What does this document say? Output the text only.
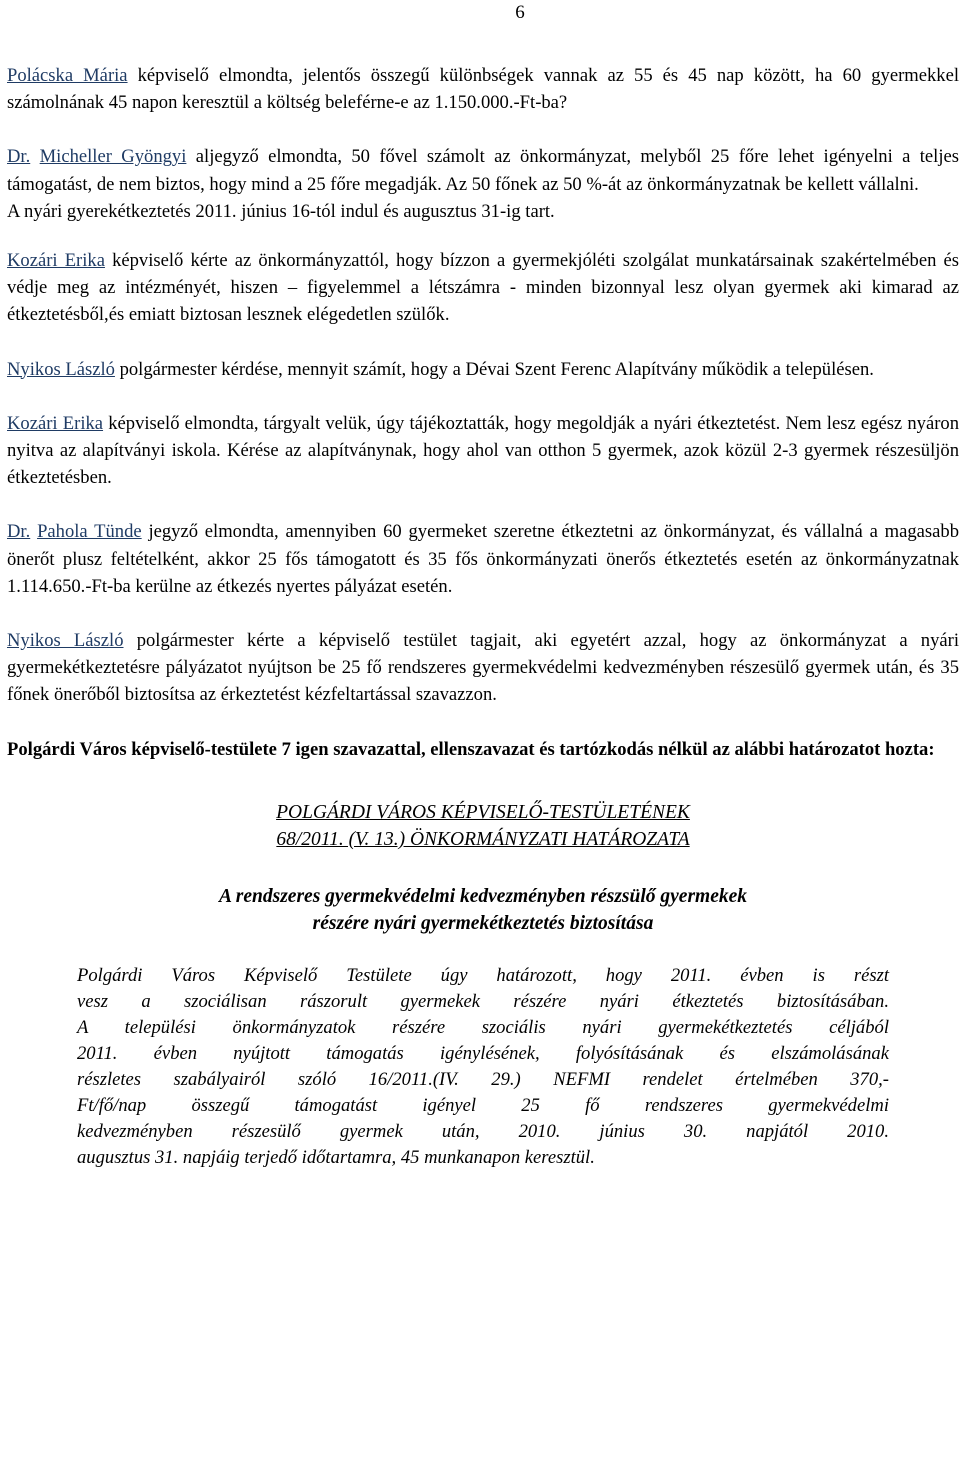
6

Polácska Mária képviselő elmondta, jelentős összegű különbségek vannak az 55 és 45 nap között, ha 60 gyermekkel számolnának 45 napon keresztül a költség beleférne-e az 1.150.000.-Ft-ba?

Dr. Micheller Gyöngyi aljegyző elmondta, 50 fővel számolt az önkormányzat, melyből 25 főre lehet igényelni a teljes támogatást, de nem biztos, hogy mind a 25 főre megadják. Az 50 főnek az 50 %-át az önkormányzatnak be kellett vállalni.

A nyári gyerekétkeztetés 2011. június 16-tól indul és augusztus 31-ig tart.

Kozári Erika képviselő kérte az önkormányzattól, hogy bízzon a gyermekjóléti szolgálat munkatársainak szakértelmében és védje meg az intézményét, hiszen – figyelemmel a létszámra - minden bizonnyal lesz olyan gyermek aki kimarad az étkeztetésből,és emiatt biztosan lesznek elégedetlen szülők.

Nyikos László polgármester kérdése, mennyit számít, hogy a Dévai Szent Ferenc Alapítvány működik a településen.

Kozári Erika képviselő elmondta, tárgyalt velük, úgy tájékoztatták, hogy megoldják a nyári étkeztetést. Nem lesz egész nyáron nyitva az alapítványi iskola. Kérése az alapítványnak, hogy ahol van otthon 5 gyermek, azok közül 2-3 gyermek részesüljön étkeztetésben.

Dr. Pahola Tünde jegyző elmondta, amennyiben 60 gyermeket szeretne étkeztetni az önkormányzat, és vállalná a magasabb önerőt plusz feltételként, akkor 25 fős támogatott és 35 fős önkormányzati önerős étkeztetés esetén az önkormányzatnak 1.114.650.-Ft-ba kerülne az étkezés nyertes pályázat esetén.

Nyikos László polgármester kérte a képviselő testület tagjait, aki egyetért azzal, hogy az önkormányzat a nyári gyermekétkeztetésre pályázatot nyújtson be 25 fő rendszeres gyermekvédelmi kedvezményben részesülő gyermek után, és 35 főnek önerőből biztosítsa az érkeztetést kézfeltartással szavazzon.

Polgárdi Város képviselő-testülete 7 igen szavazattal, ellenszavazat és tartózkodás nélkül az alábbi határozatot hozta:

POLGÁRDI VÁROS KÉPVISELŐ-TESTÜLETÉNEK
68/2011. (V. 13.) ÖNKORMÁNYZATI HATÁROZATA
A rendszeres gyermekvédelmi kedvezményben részsülő gyermekek
részére nyári gyermekétkeztetés biztosítása
Polgárdi Város Képviselő Testülete úgy határozott, hogy 2011. évben is részt
vesz a szociálisan rászorult gyermekek részére nyári étkeztetés biztosításában.
A települési önkormányzatok részére szociális nyári gyermekétkeztetés céljából
2011. évben nyújtott támogatás igénylésének, folyósításának és elszámolásának
részletes szabályairól szóló 16/2011.(IV. 29.) NEFMI rendelet értelmében 370,-
Ft/fő/nap összegű támogatást igényel 25 fő rendszeres gyermekvédelmi
kedvezményben részesülő gyermek után, 2010. június 30. napjától 2010.
augusztus 31. napjáig terjedő időtartamra, 45 munkanapon keresztül.
